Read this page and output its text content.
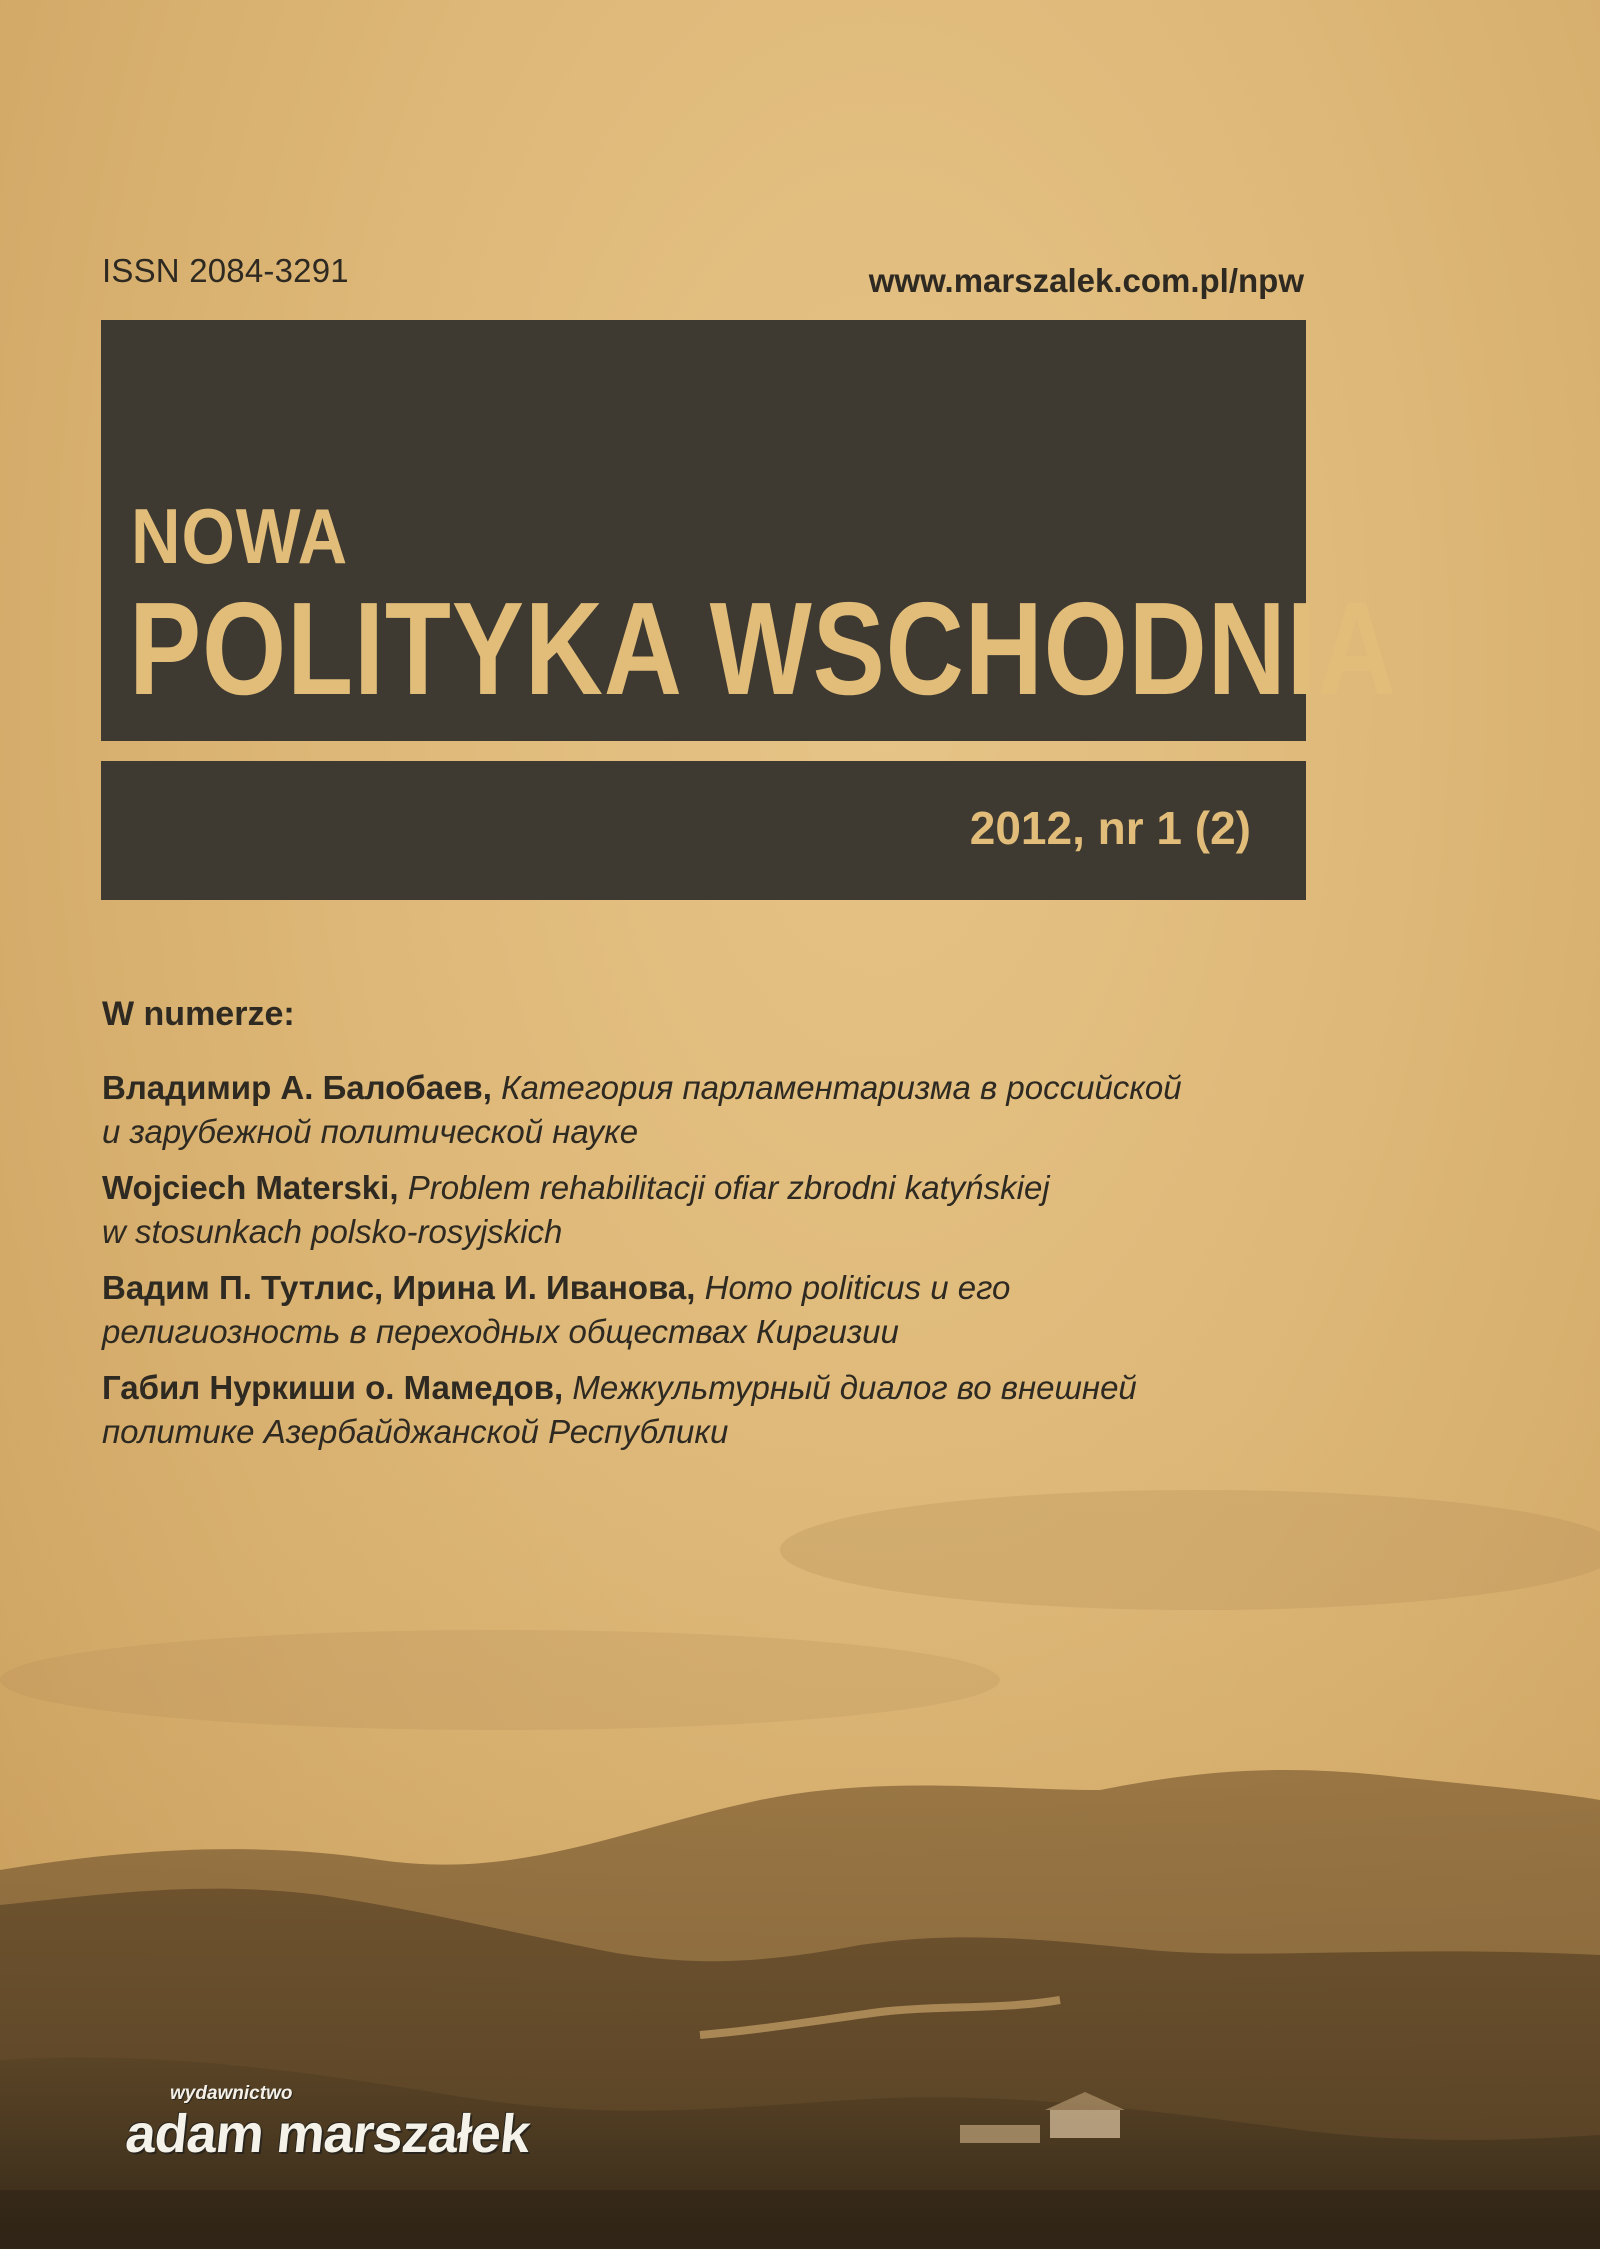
ISSN 2084-3291	www.marszalek.com.pl/npw
NOWA
POLITYKA WSCHODNIA
2012, nr 1 (2)
W numerze:
Владимир А. Балобаев, Категория парламентаризма в российской
и зарубежной политической науке
Wojciech Materski, Problem rehabilitacji ofiar zbrodni katyńskiej
w stosunkach polsko-rosyjskich
Вадим П. Тутлис, Ирина И. Иванова, Homo politicus и его
религиозность в переходных обществах Киргизии
Габил Нуркиши о. Мамедов, Межкультурный диалог во внешней
политике Азербайджанской Республики
wydawnictwo
adam marszałek
